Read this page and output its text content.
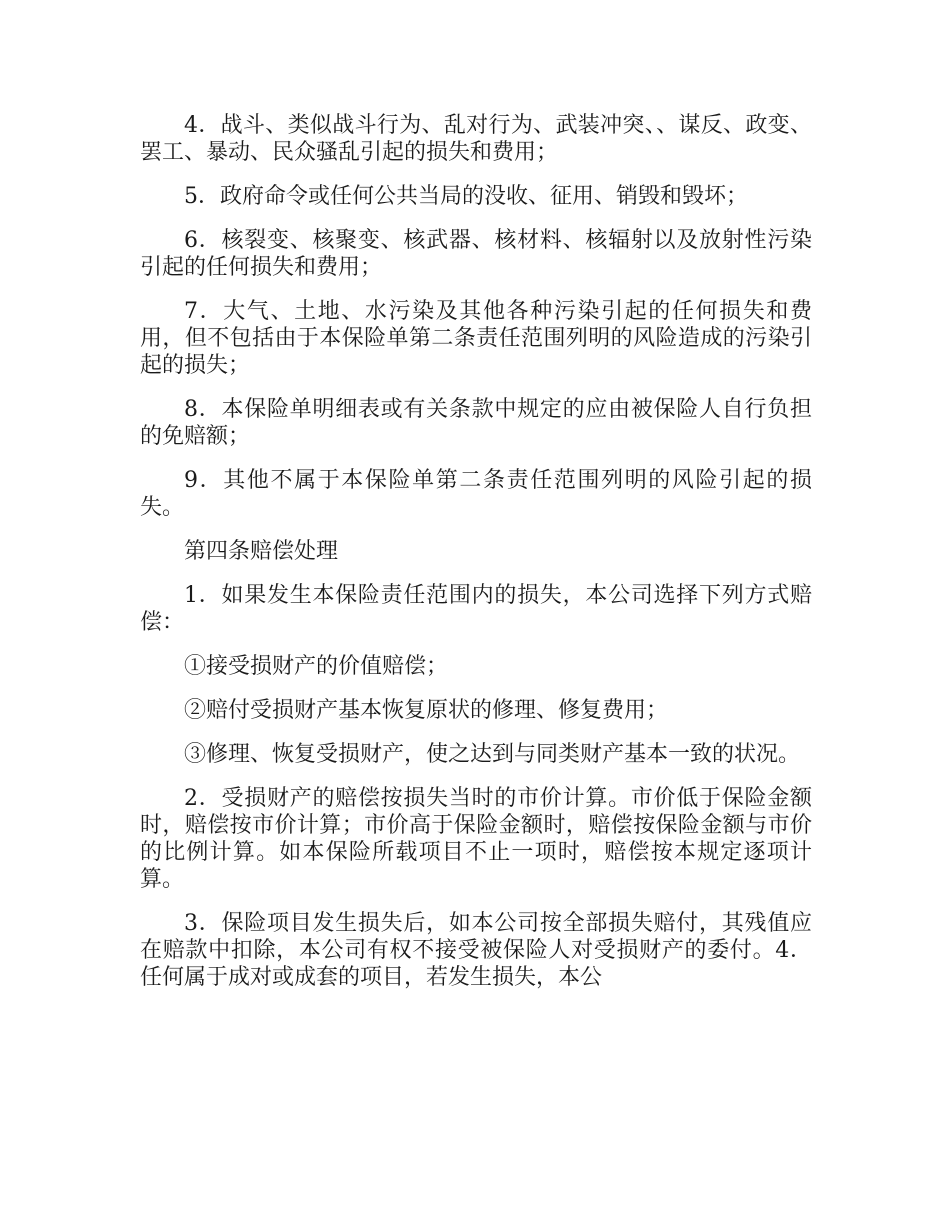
4．战斗、类似战斗行为、乱对行为、武装冲突、、谋反、政变、罢工、暴动、民众骚乱引起的损失和费用；

5．政府命令或任何公共当局的没收、征用、销毁和毁坏；

6．核裂变、核聚变、核武器、核材料、核辐射以及放射性污染引起的任何损失和费用；

7．大气、土地、水污染及其他各种污染引起的任何损失和费用，但不包括由于本保险单第二条责任范围列明的风险造成的污染引起的损失；

8．本保险单明细表或有关条款中规定的应由被保险人自行负担的免赔额；

9．其他不属于本保险单第二条责任范围列明的风险引起的损失。

第四条赔偿处理

1．如果发生本保险责任范围内的损失，本公司选择下列方式赔偿：

①接受损财产的价值赔偿；

②赔付受损财产基本恢复原状的修理、修复费用；

③修理、恢复受损财产，使之达到与同类财产基本一致的状况。

2．受损财产的赔偿按损失当时的市价计算。市价低于保险金额时，赔偿按市价计算；市价高于保险金额时，赔偿按保险金额与市价的比例计算。如本保险所载项目不止一项时，赔偿按本规定逐项计算。

3．保险项目发生损失后，如本公司按全部损失赔付，其残值应在赔款中扣除，本公司有权不接受被保险人对受损财产的委付。4．任何属于成对或成套的项目，若发生损失，本公
